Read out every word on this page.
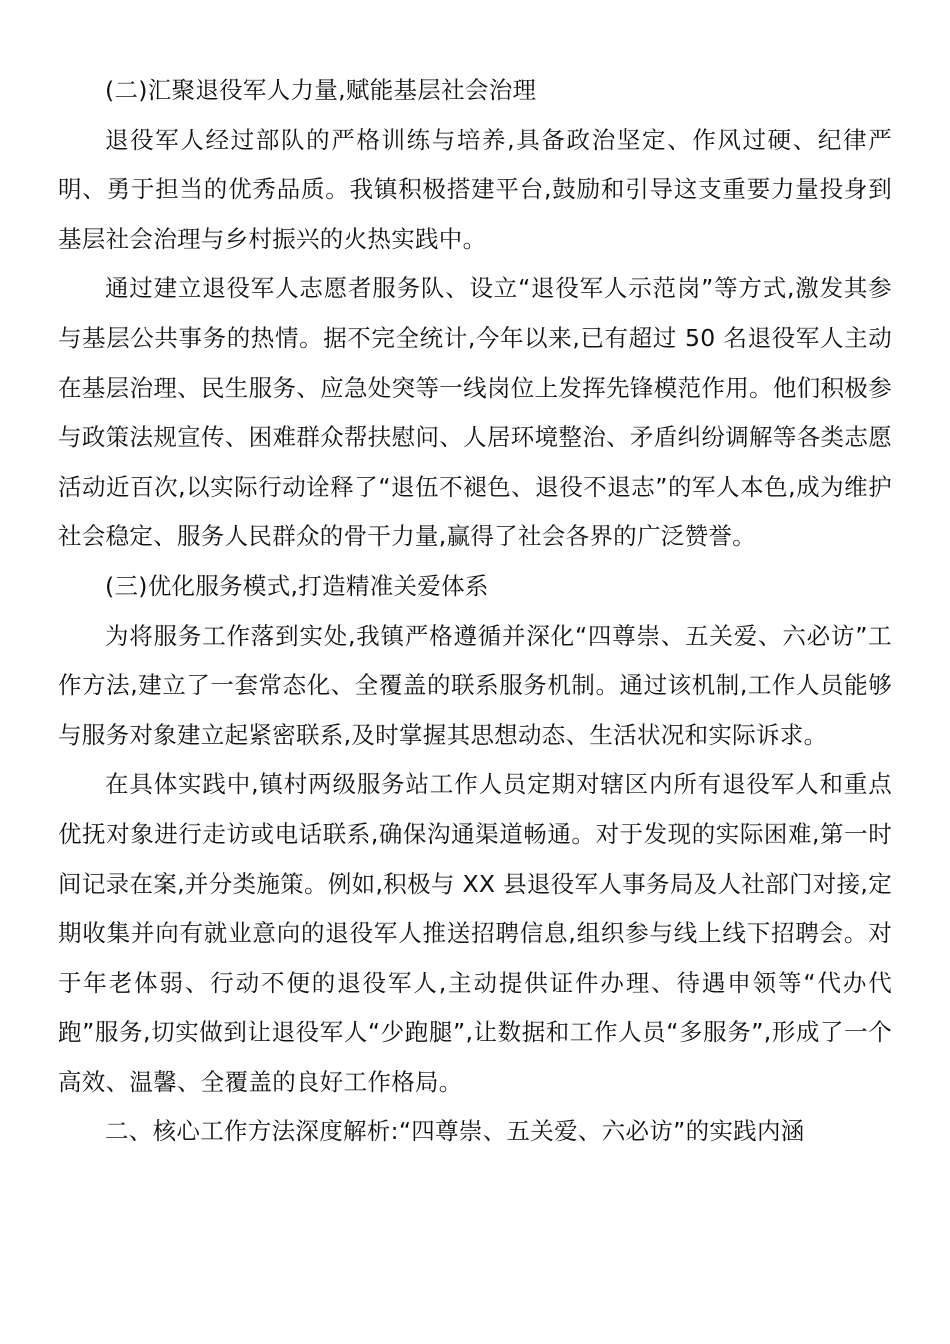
(二)汇聚退役军人力量,赋能基层社会治理

退役军人经过部队的严格训练与培养,具备政治坚定、作风过硬、纪律严明、勇于担当的优秀品质。我镇积极搭建平台,鼓励和引导这支重要力量投身到基层社会治理与乡村振兴的火热实践中。

通过建立退役军人志愿者服务队、设立“退役军人示范岗”等方式,激发其参与基层公共事务的热情。据不完全统计,今年以来,已有超过 50 名退役军人主动在基层治理、民生服务、应急处突等一线岗位上发挥先锋模范作用。他们积极参与政策法规宣传、困难群众帮扶慰问、人居环境整治、矛盾纠纷调解等各类志愿活动近百次,以实际行动诠释了“退伍不褪色、退役不退志”的军人本色,成为维护社会稳定、服务人民群众的骨干力量,赢得了社会各界的广泛赞誉。

(三)优化服务模式,打造精准关爱体系

为将服务工作落到实处,我镇严格遵循并深化“四尊崇、五关爱、六必访”工作方法,建立了一套常态化、全覆盖的联系服务机制。通过该机制,工作人员能够与服务对象建立起紧密联系,及时掌握其思想动态、生活状况和实际诉求。

在具体实践中,镇村两级服务站工作人员定期对辖区内所有退役军人和重点优抚对象进行走访或电话联系,确保沟通渠道畅通。对于发现的实际困难,第一时间记录在案,并分类施策。例如,积极与 XX 县退役军人事务局及人社部门对接,定期收集并向有就业意向的退役军人推送招聘信息,组织参与线上线下招聘会。对于年老体弱、行动不便的退役军人,主动提供证件办理、待遇申领等“代办代跑”服务,切实做到让退役军人“少跑腿”,让数据和工作人员“多服务”,形成了一个高效、温馨、全覆盖的良好工作格局。

二、核心工作方法深度解析:“四尊崇、五关爱、六必访”的实践内涵
